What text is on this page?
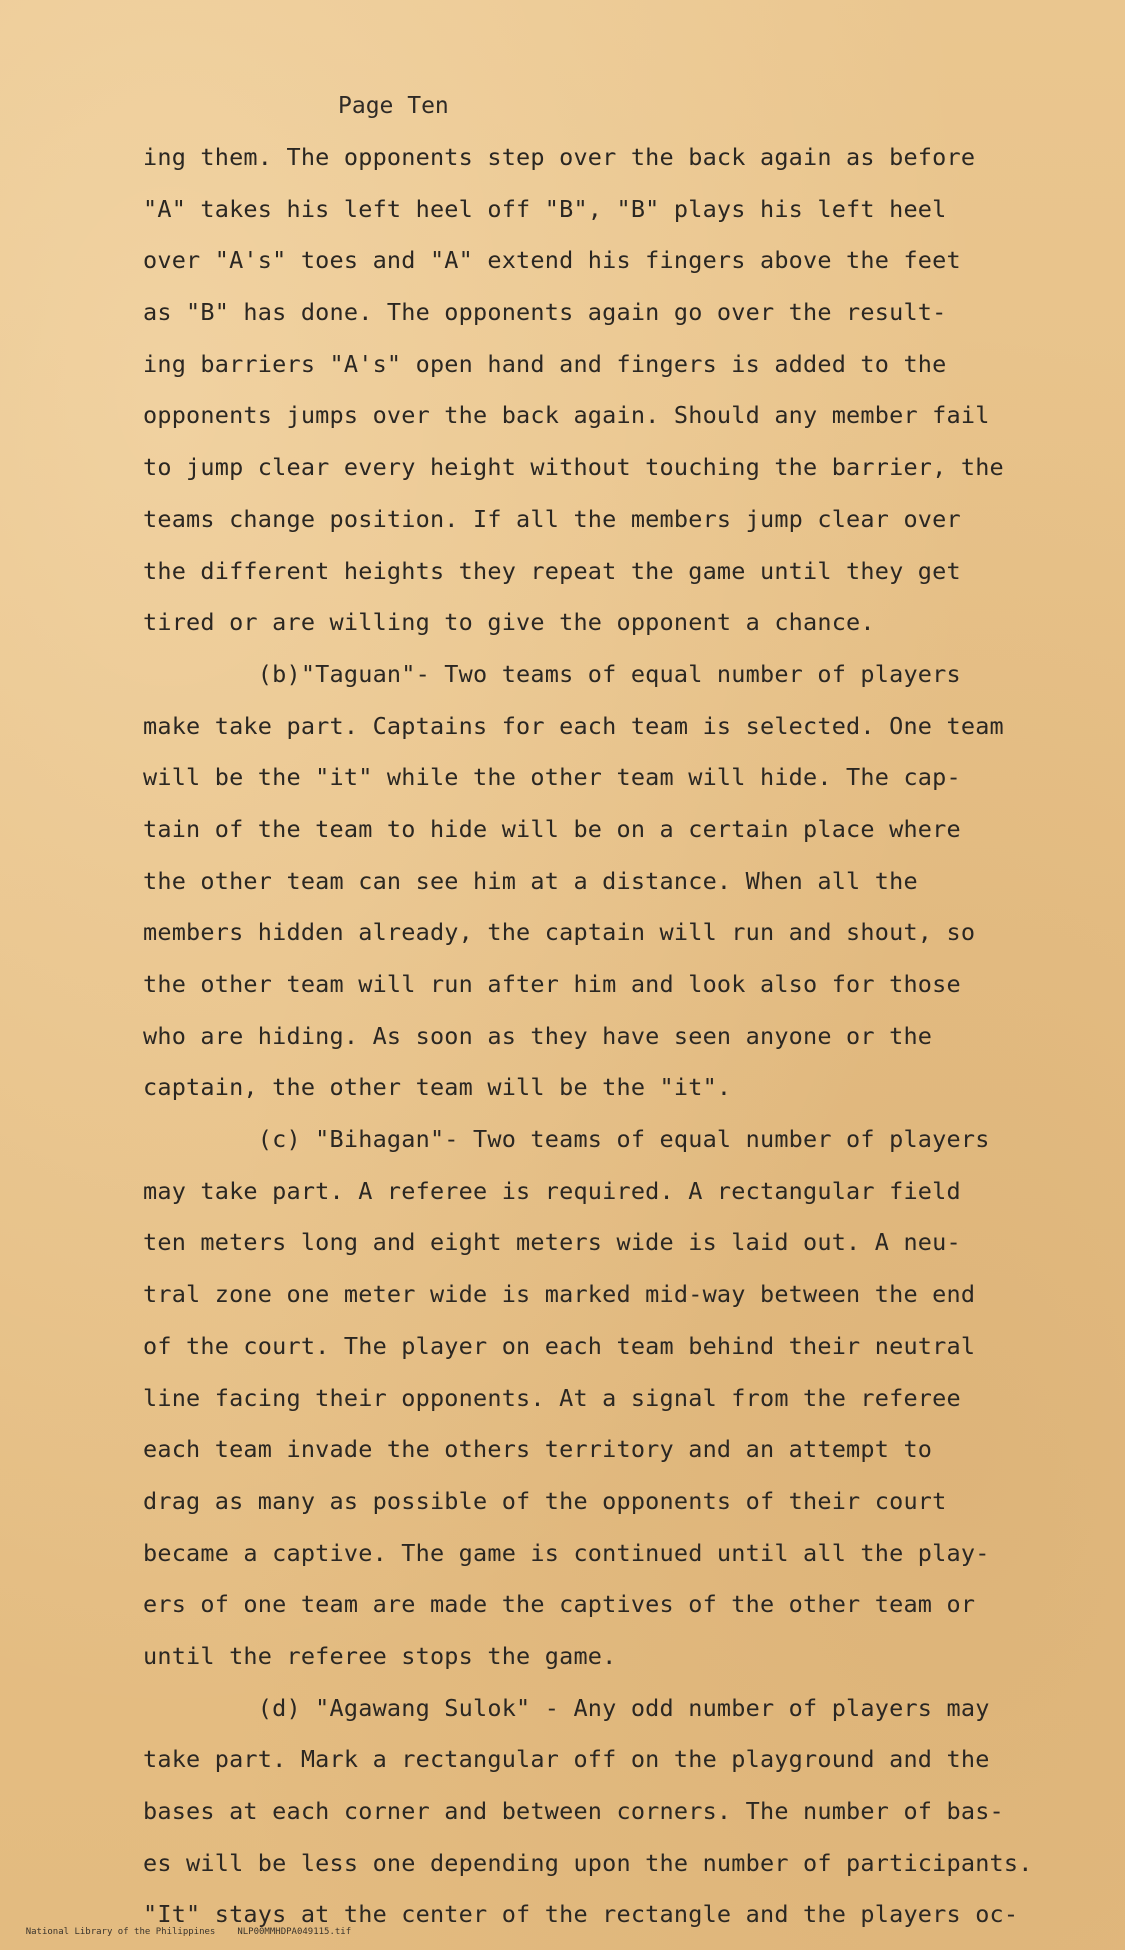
Page Ten
ing them. The opponents step over the back again as before
"A" takes his left heel off "B", "B" plays his left heel
over "A's" toes and "A" extend his fingers above the feet
as "B" has done. The opponents again go over the result-
ing barriers "A's" open hand and fingers is added to the
opponents jumps over the back again. Should any member fail
to jump clear every height without touching the barrier, the
teams change position. If all the members jump clear over
the different heights they repeat the game until they get
tired or are willing to give the opponent a chance.
(b)"Taguan"- Two teams of equal number of players
make take part. Captains for each team is selected. One team
will be the "it" while the other team will hide. The cap-
tain of the team to hide will be on a certain place where
the other team can see him at a distance. When all the
members hidden already, the captain will run and shout, so
the other team will run after him and look also for those
who are hiding. As soon as they have seen anyone or the
captain, the other team will be the "it".
(c) "Bihagan"- Two teams of equal number of players
may take part. A referee is required. A rectangular field
ten meters long and eight meters wide is laid out. A neu-
tral zone one meter wide is marked mid-way between the end
of the court. The player on each team behind their neutral
line facing their opponents. At a signal from the referee
each team invade the others territory and an attempt to
drag as many as possible of the opponents of their court
became a captive. The game is continued until all the play-
ers of one team are made the captives of the other team or
until the referee stops the game.
(d) "Agawang Sulok" - Any odd number of players may
take part. Mark a rectangular off on the playground and the
bases at each corner and between corners. The number of bas-
es will be less one depending upon the number of participants.
"It" stays at the center of the rectangle and the players oc-

National Library of the Philippines NLP00MMHDPA049115.tif
